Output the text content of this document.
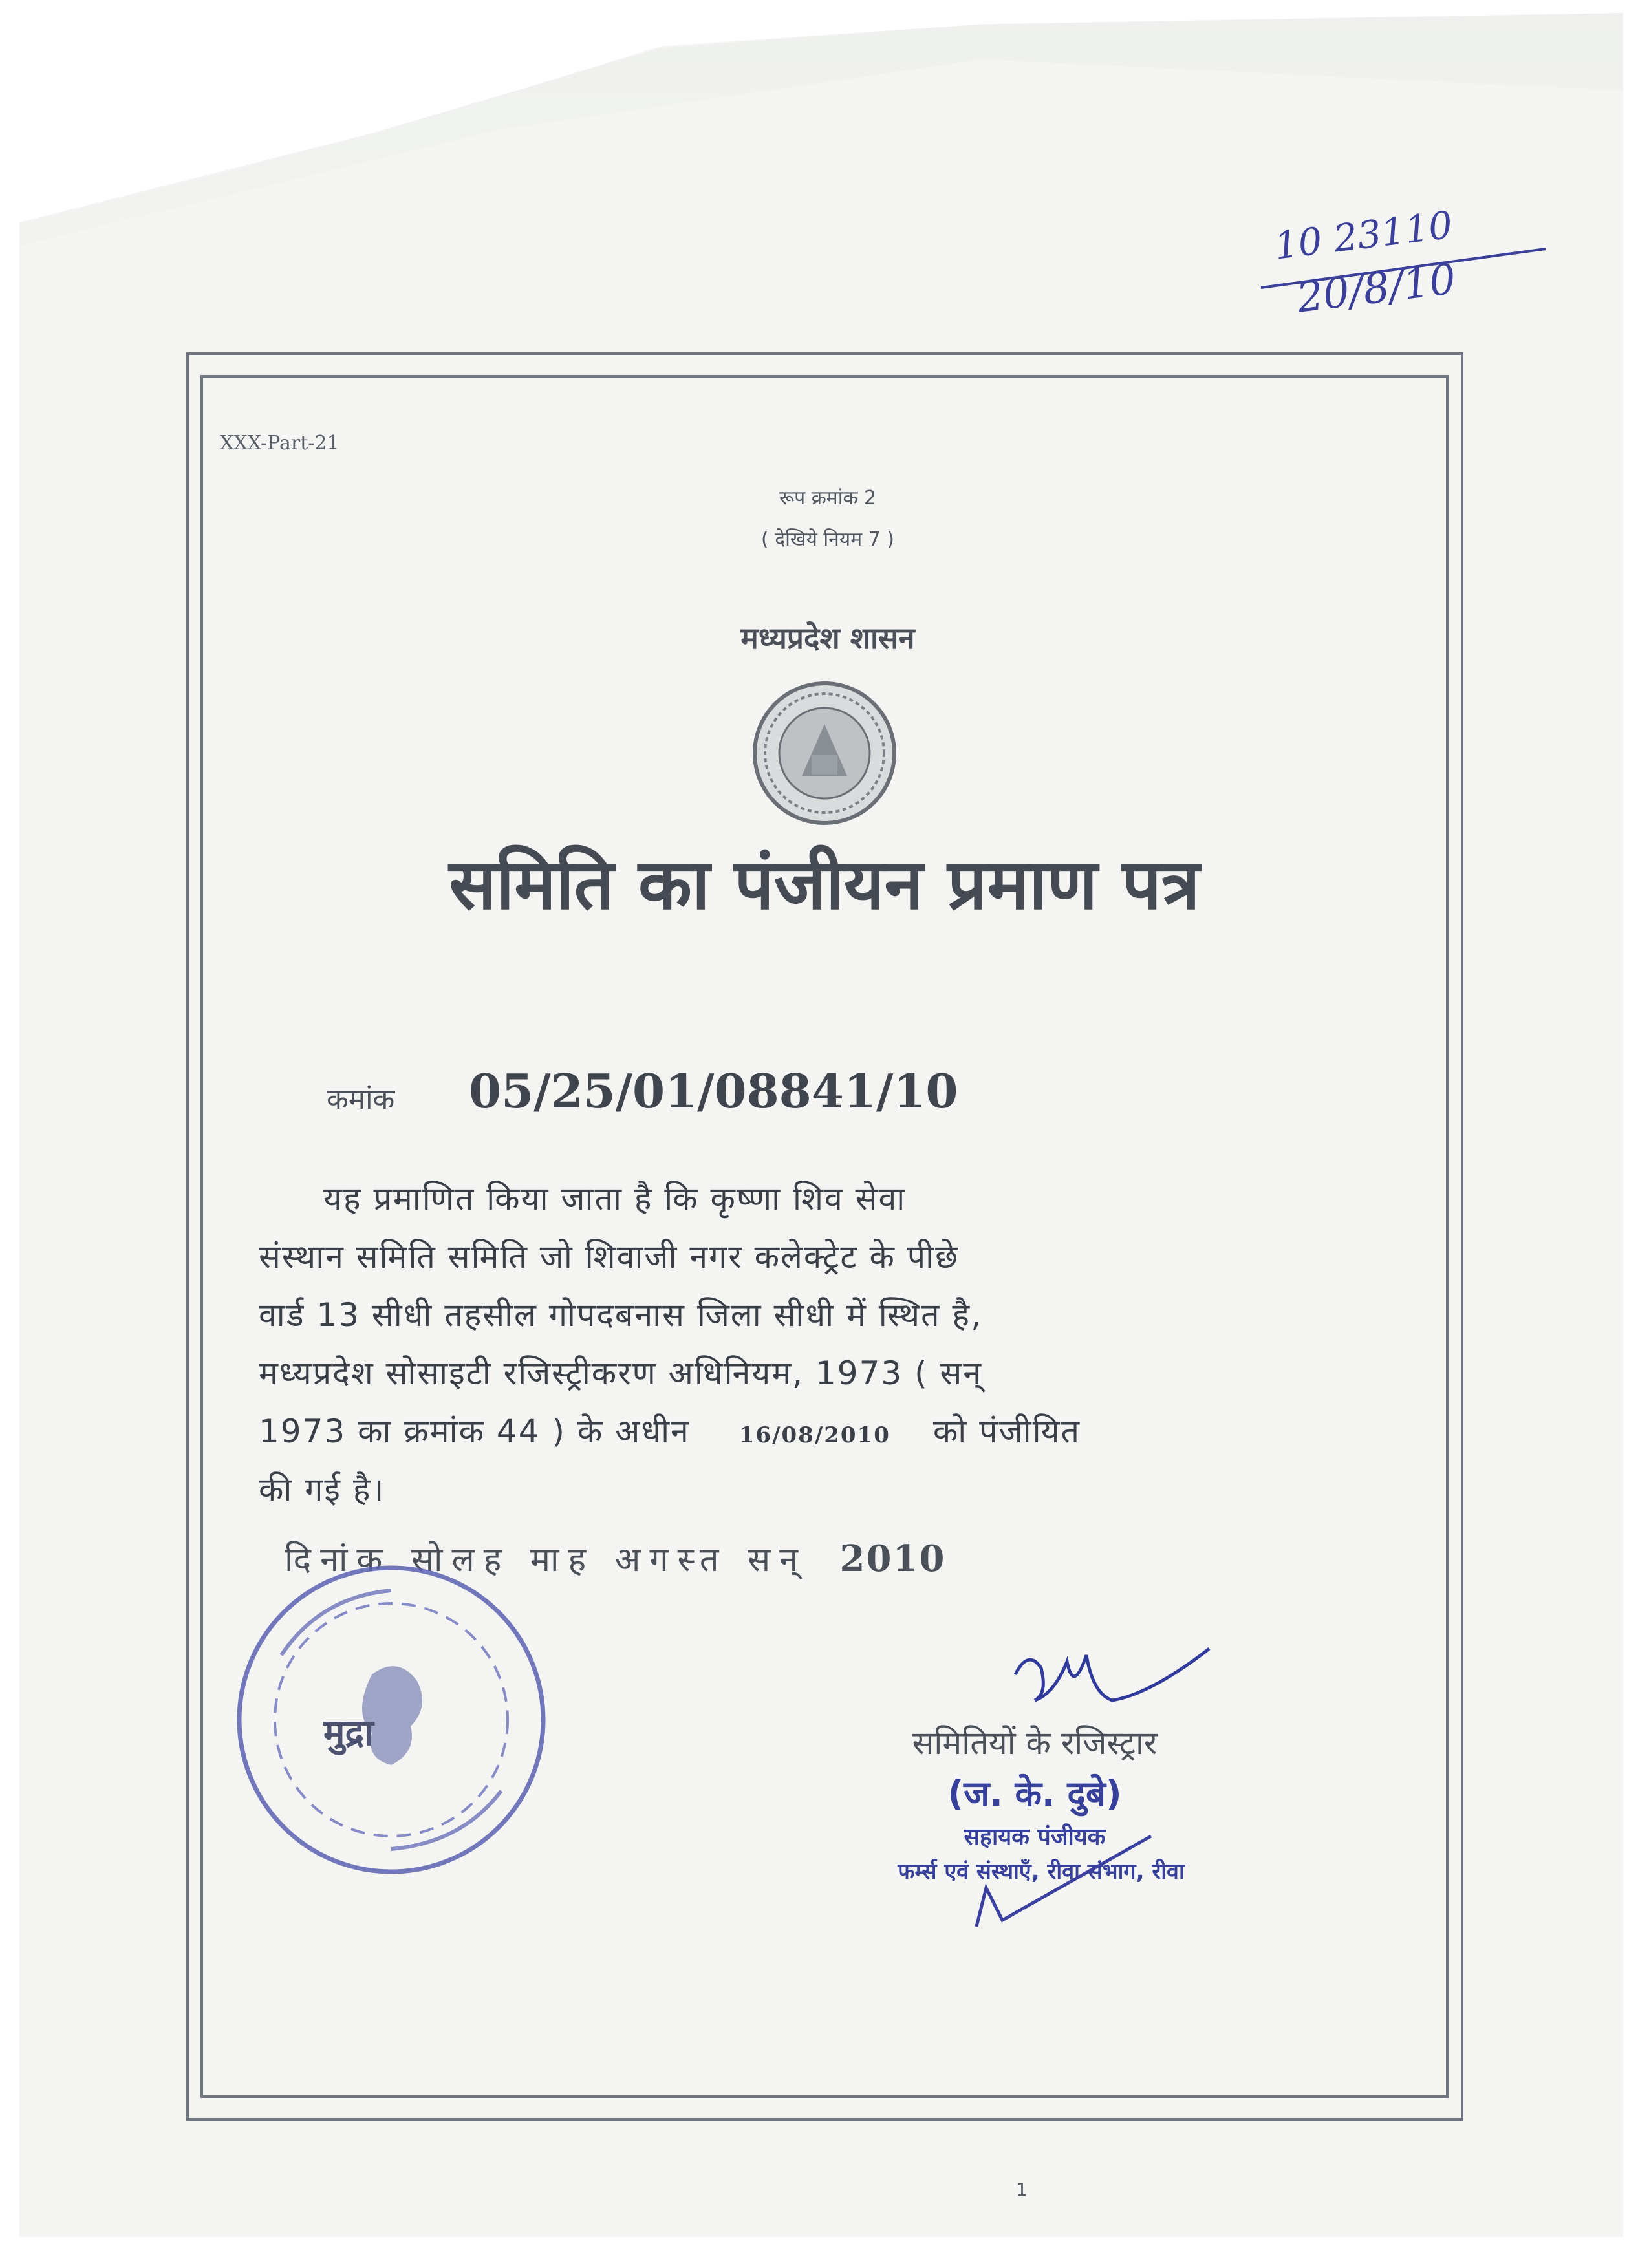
10 23110
20/8/10
XXX-Part-21
रूप क्रमांक 2
( देखिये नियम 7 )
मध्यप्रदेश शासन
समिति का पंजीयन प्रमाण पत्र
कमांक 05/25/01/08841/10
यह प्रमाणित किया जाता है कि कृष्णा शिव सेवा
संस्थान समिति समिति जो शिवाजी नगर कलेक्ट्रेट के पीछे
वार्ड 13 सीधी तहसील गोपदबनास जिला सीधी में स्थित है,
मध्यप्रदेश सोसाइटी रजिस्ट्रीकरण अधिनियम, 1973 ( सन्
1973 का क्रमांक 44 ) के अधीन 16/08/2010 को पंजीयित
की गई है।
दिनांक सोलह माह अगस्त सन् 2010
मुद्रा	समितियों के रजिस्ट्रार
(ज. के. दुबे)
सहायक पंजीयक
फर्म्स एवं संस्थाएँ, रीवा संभाग, रीवा
1
